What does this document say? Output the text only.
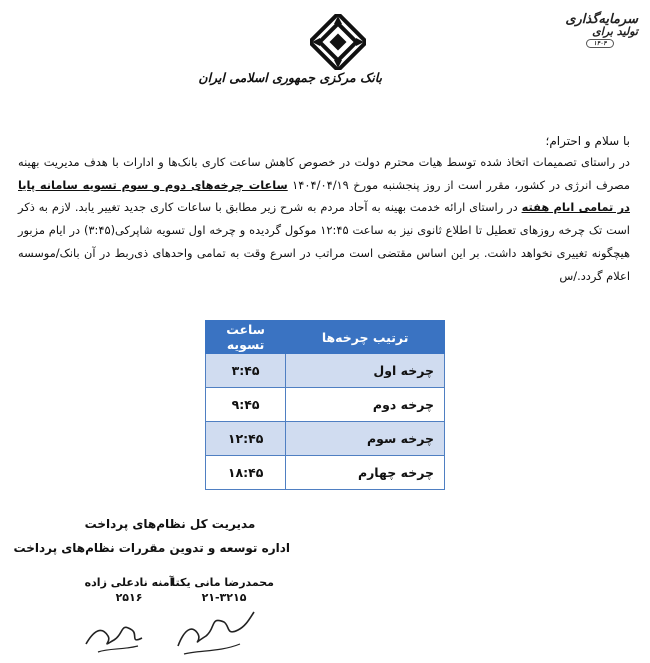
بانک مرکزی جمهوری اسلامی ایران
سرمایه‌گذاری
تولید برای
۱۴۰۴
با سلام و احترام؛
در راستای تصمیمات اتخاذ شده توسط هیات محترم دولت در خصوص کاهش ساعت کاری بانک‌ها و ادارات با هدف مدیریت بهینه مصرف انرژی در کشور، مقرر است از روز پنجشنبه مورخ ۱۴۰۴/۰۴/۱۹ ساعات چرخه‌های دوم و سوم تسویه سامانه پایا در تمامی ایام هفته در راستای ارائه خدمت بهینه به آحاد مردم به شرح زیر مطابق با ساعات کاری جدید تغییر یابد. لازم به ذکر است تک چرخه روزهای تعطیل تا اطلاع ثانوی نیز به ساعت ۱۲:۴۵ موکول گردیده و چرخه اول تسویه شاپرکی(۳:۴۵) در ایام مزبور هیچگونه تغییری نخواهد داشت. بر این اساس مقتضی است مراتب در اسرع وقت به تمامی واحدهای ذی‌ربط در آن بانک/موسسه اعلام گردد./س
ترتیب چرخه‌ها	ساعت تسویه
چرخه اول	۳:۴۵
چرخه دوم	۹:۴۵
چرخه سوم	۱۲:۴۵
چرخه چهارم	۱۸:۴۵
مدیریت کل نظام‌های پرداخت
اداره توسعه و تدوین مقررات نظام‌های پرداخت
محمدرضا مانی یکتا
۲۱-۳۲۱۵
آمنه نادعلی زاده
۲۵۱۶
